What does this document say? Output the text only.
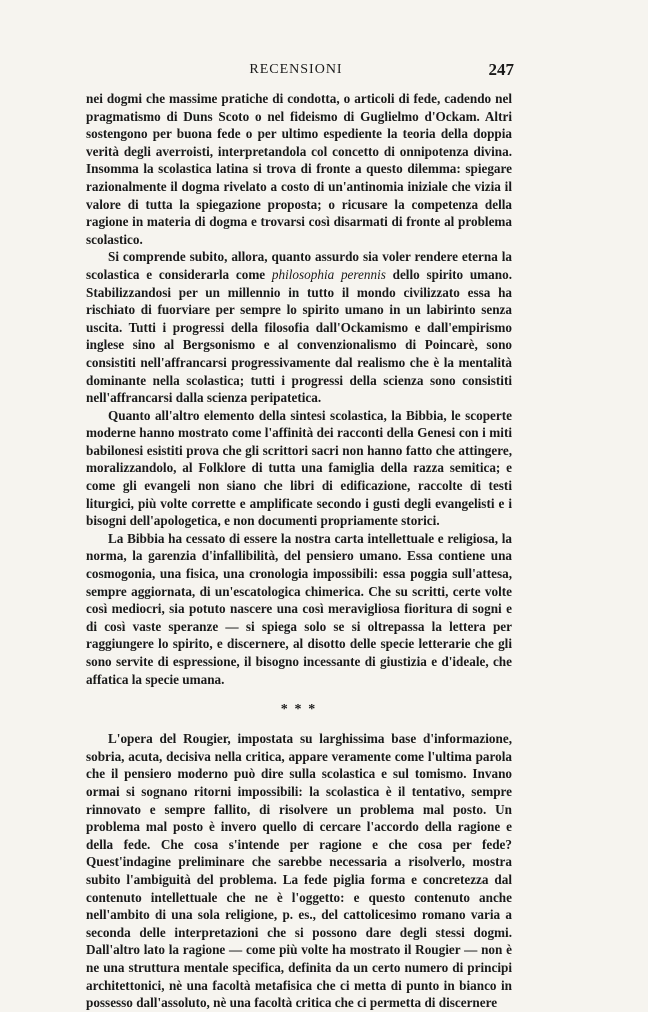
RECENSIONI	247

nei dogmi che massime pratiche di condotta, o articoli di fede, cadendo nel pragmatismo di Duns Scoto o nel fideismo di Guglielmo d'Ockam. Altri sostengono per buona fede o per ultimo espediente la teoria della doppia verità degli averroisti, interpretandola col concetto di onnipotenza divina. Insomma la scolastica latina si trova di fronte a questo dilemma: spiegare razionalmente il dogma rivelato a costo di un'antinomia iniziale che vizia il valore di tutta la spiegazione proposta; o ricusare la competenza della ragione in materia di dogma e trovarsi così disarmati di fronte al problema scolastico.

Si comprende subito, allora, quanto assurdo sia voler rendere eterna la scolastica e considerarla come philosophia perennis dello spirito umano. Stabilizzandosi per un millennio in tutto il mondo civilizzato essa ha rischiato di fuorviare per sempre lo spirito umano in un labirinto senza uscita. Tutti i progressi della filosofia dall'Ockamismo e dall'empirismo inglese sino al Bergsonismo e al convenzionalismo di Poincarè, sono consistiti nell'affrancarsi progressivamente dal realismo che è la mentalità dominante nella scolastica; tutti i progressi della scienza sono consistiti nell'affrancarsi dalla scienza peripatetica.

Quanto all'altro elemento della sintesi scolastica, la Bibbia, le scoperte moderne hanno mostrato come l'affinità dei racconti della Genesi con i miti babilonesi esistiti prova che gli scrittori sacri non hanno fatto che attingere, moralizzandolo, al Folklore di tutta una famiglia della razza semitica; e come gli evangeli non siano che libri di edificazione, raccolte di testi liturgici, più volte corrette e amplificate secondo i gusti degli evangelisti e i bisogni dell'apologetica, e non documenti propriamente storici.

La Bibbia ha cessato di essere la nostra carta intellettuale e religiosa, la norma, la garenzia d'infallibilità, del pensiero umano. Essa contiene una cosmogonia, una fisica, una cronologia impossibili: essa poggia sull'attesa, sempre aggiornata, di un'escatologica chimerica. Che su scritti, certe volte così mediocri, sia potuto nascere una così meravigliosa fioritura di sogni e di così vaste speranze — si spiega solo se si oltrepassa la lettera per raggiungere lo spirito, e discernere, al disotto delle specie letterarie che gli sono servite di espressione, il bisogno incessante di giustizia e d'ideale, che affatica la specie umana.

* * *

L'opera del Rougier, impostata su larghissima base d'informazione, sobria, acuta, decisiva nella critica, appare veramente come l'ultima parola che il pensiero moderno può dire sulla scolastica e sul tomismo. Invano ormai si sognano ritorni impossibili: la scolastica è il tentativo, sempre rinnovato e sempre fallito, di risolvere un problema mal posto. Un problema mal posto è invero quello di cercare l'accordo della ragione e della fede. Che cosa s'intende per ragione e che cosa per fede? Quest'indagine preliminare che sarebbe necessaria a risolverlo, mostra subito l'ambiguità del problema. La fede piglia forma e concretezza dal contenuto intellettuale che ne è l'oggetto: e questo contenuto anche nell'ambito di una sola religione, p. es., del cattolicesimo romano varia a seconda delle interpretazioni che si possono dare degli stessi dogmi. Dall'altro lato la ragione — come più volte ha mostrato il Rougier — non è ne una struttura mentale specifica, definita da un certo numero di principi architettonici, nè una facoltà metafisica che ci metta di punto in bianco in possesso dall'assoluto, nè una facoltà critica che ci permetta di discernere
